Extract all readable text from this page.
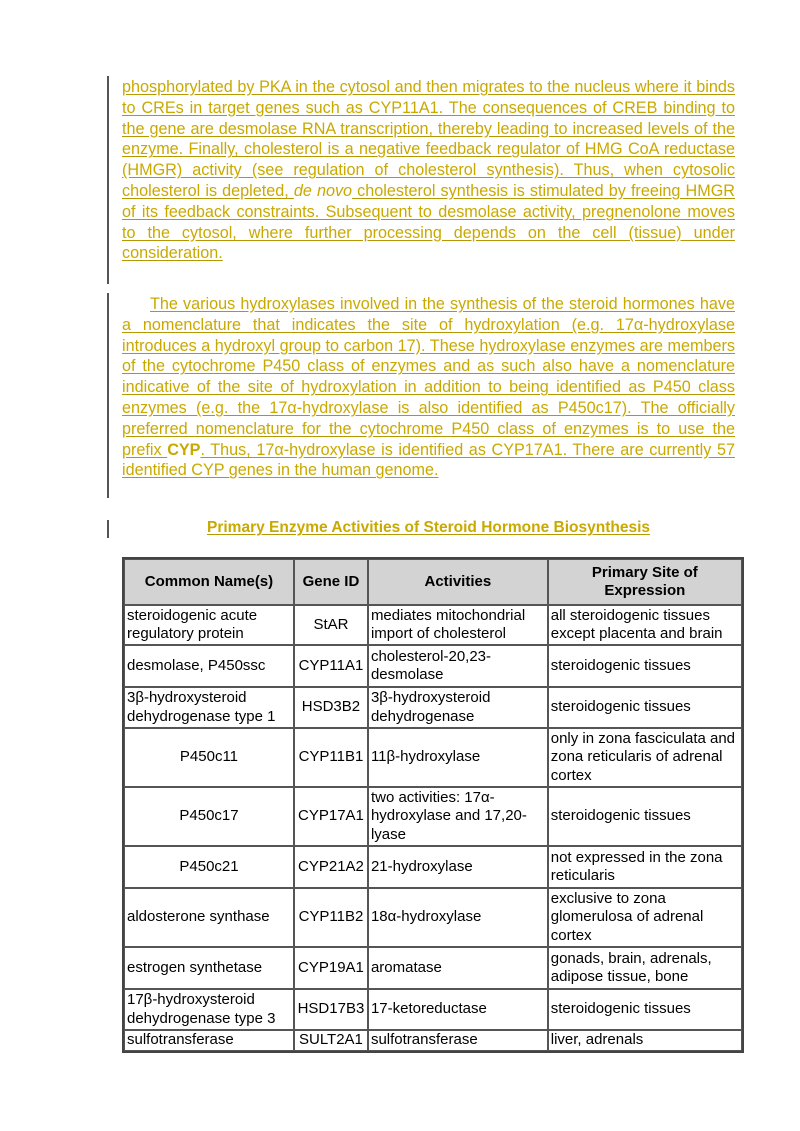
phosphorylated by PKA in the cytosol and then migrates to the nucleus where it binds to CREs in target genes such as CYP11A1. The consequences of CREB binding to the gene are desmolase RNA transcription, thereby leading to increased levels of the enzyme. Finally, cholesterol is a negative feedback regulator of HMG CoA reductase (HMGR) activity (see regulation of cholesterol synthesis). Thus, when cytosolic cholesterol is depleted, de novo cholesterol synthesis is stimulated by freeing HMGR of its feedback constraints. Subsequent to desmolase activity, pregnenolone moves to the cytosol, where further processing depends on the cell (tissue) under consideration.
The various hydroxylases involved in the synthesis of the steroid hormones have a nomenclature that indicates the site of hydroxylation (e.g. 17α-hydroxylase introduces a hydroxyl group to carbon 17). These hydroxylase enzymes are members of the cytochrome P450 class of enzymes and as such also have a nomenclature indicative of the site of hydroxylation in addition to being identified as P450 class enzymes (e.g. the 17α-hydroxylase is also identified as P450c17). The officially preferred nomenclature for the cytochrome P450 class of enzymes is to use the prefix CYP. Thus, 17α-hydroxylase is identified as CYP17A1. There are currently 57 identified CYP genes in the human genome.
Primary Enzyme Activities of Steroid Hormone Biosynthesis
Common Name(s)	Gene ID	Activities	Primary Site of Expression
steroidogenic acute regulatory protein	StAR	mediates mitochondrial import of cholesterol	all steroidogenic tissues except placenta and brain
desmolase, P450ssc	CYP11A1	cholesterol-20,23-desmolase	steroidogenic tissues
3β-hydroxysteroid dehydrogenase type 1	HSD3B2	3β-hydroxysteroid dehydrogenase	steroidogenic tissues
P450c11	CYP11B1	11β-hydroxylase	only in zona fasciculata and zona reticularis of adrenal cortex
P450c17	CYP17A1	two activities: 17α-hydroxylase and 17,20-lyase	steroidogenic tissues
P450c21	CYP21A2	21-hydroxylase	not expressed in the zona reticularis
aldosterone synthase	CYP11B2	18α-hydroxylase	exclusive to zona glomerulosa of adrenal cortex
estrogen synthetase	CYP19A1	aromatase	gonads, brain, adrenals, adipose tissue, bone
17β-hydroxysteroid dehydrogenase type 3	HSD17B3	17-ketoreductase	steroidogenic tissues
sulfotransferase	SULT2A1	sulfotransferase	liver, adrenals
